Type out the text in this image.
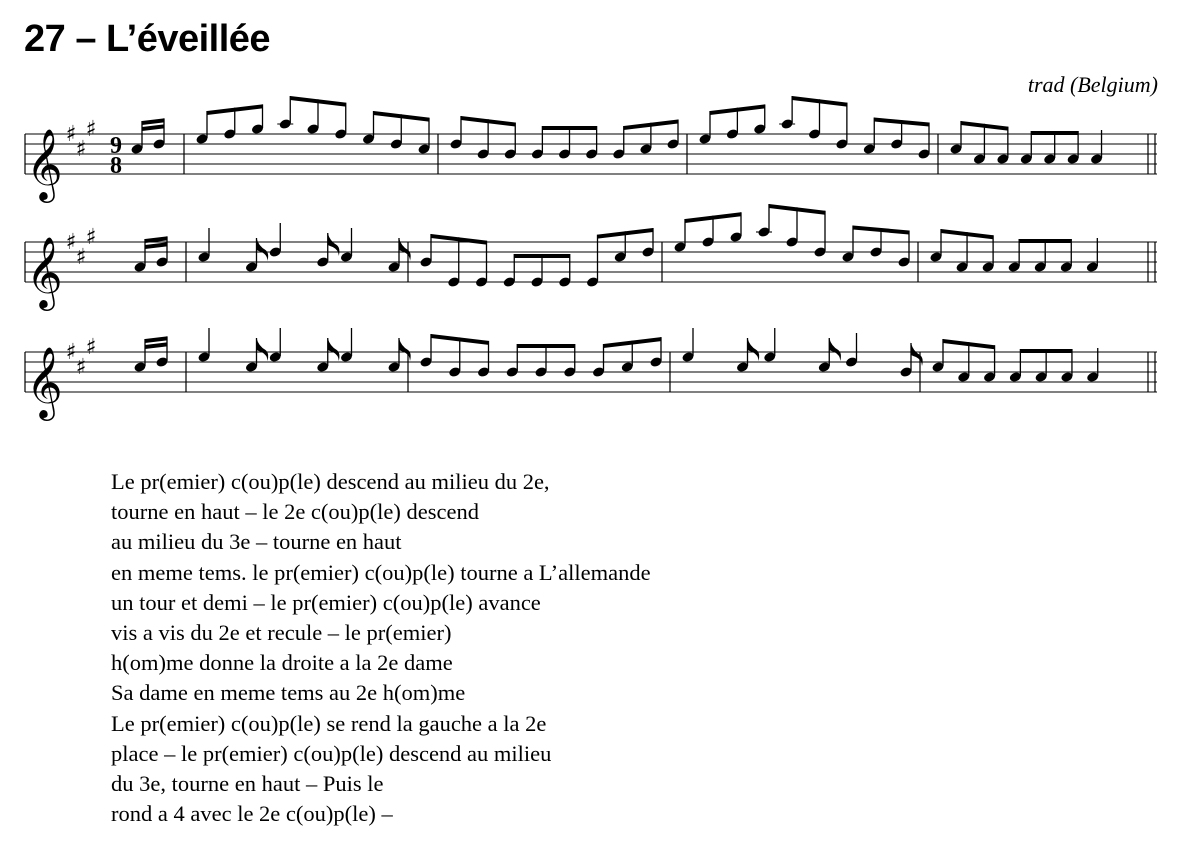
27 – L’éveillée
trad (Belgium)
𝄞 ♯
♯
♯
9
8
𝄞 ♯
♯
♯
𝄞 ♯
♯
♯
Le pr(emier) c(ou)p(le) descend au milieu du 2e,
tourne en haut – le 2e c(ou)p(le) descend
au milieu du 3e – tourne en haut
en meme tems. le pr(emier) c(ou)p(le) tourne a L’allemande
un tour et demi – le pr(emier) c(ou)p(le) avance
vis a vis du 2e et recule – le pr(emier)
h(om)me donne la droite a la 2e dame
Sa dame en meme tems au 2e h(om)me
Le pr(emier) c(ou)p(le) se rend la gauche a la 2e
place – le pr(emier) c(ou)p(le) descend au milieu
du 3e, tourne en haut – Puis le
rond a 4 avec le 2e c(ou)p(le) –
